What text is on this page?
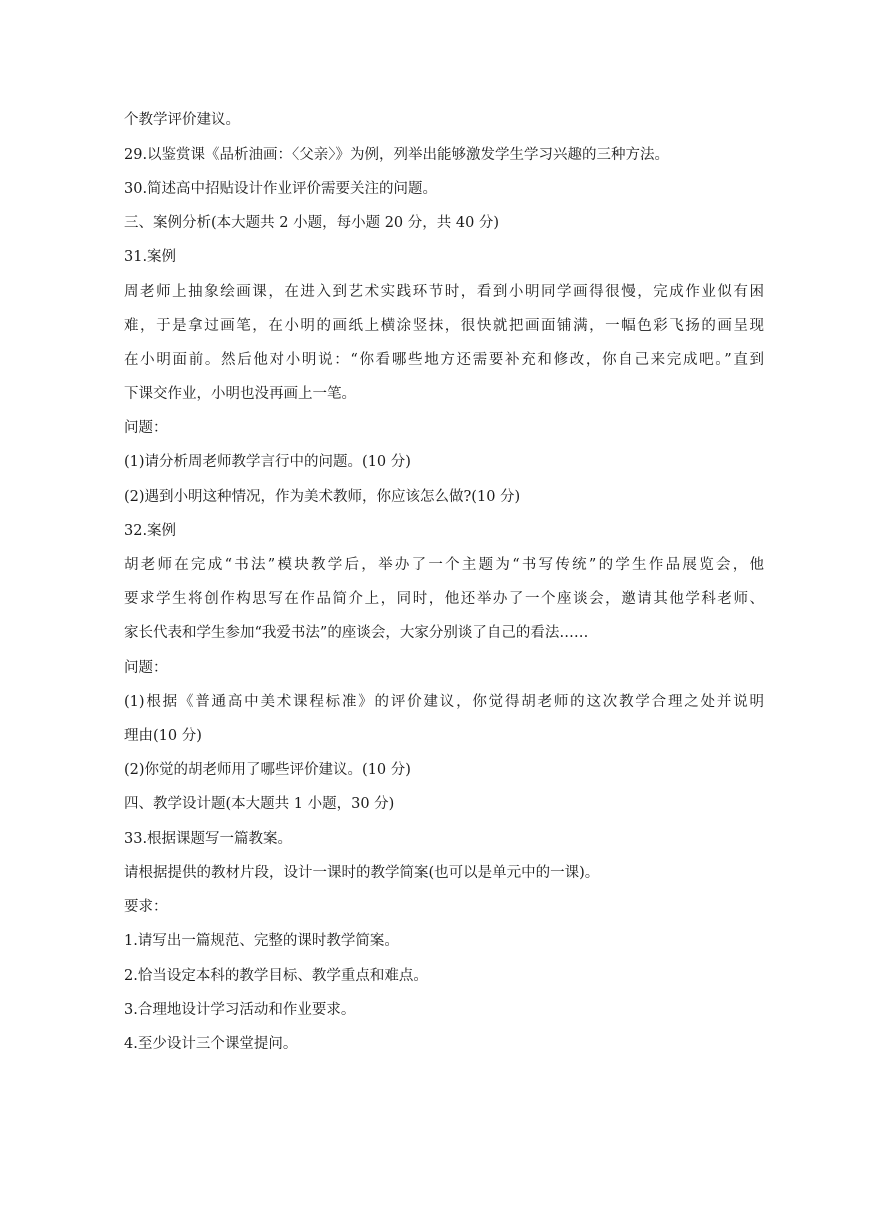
个教学评价建议。
29.以鉴赏课《品析油画：〈父亲〉》为例，列举出能够激发学生学习兴趣的三种方法。
30.简述高中招贴设计作业评价需要关注的问题。
三、案例分析(本大题共 2 小题，每小题 20 分，共 40 分)
31.案例
周老师上抽象绘画课，在进入到艺术实践环节时，看到小明同学画得很慢，完成作业似有困
难，于是拿过画笔，在小明的画纸上横涂竖抹，很快就把画面铺满，一幅色彩飞扬的画呈现
在小明面前。然后他对小明说：“你看哪些地方还需要补充和修改，你自己来完成吧。”直到
下课交作业，小明也没再画上一笔。
问题：
(1)请分析周老师教学言行中的问题。(10 分)
(2)遇到小明这种情况，作为美术教师，你应该怎么做?(10 分)
32.案例
胡老师在完成“书法”模块教学后，举办了一个主题为“书写传统”的学生作品展览会，他
要求学生将创作构思写在作品简介上，同时，他还举办了一个座谈会，邀请其他学科老师、
家长代表和学生参加“我爱书法”的座谈会，大家分别谈了自己的看法……
问题：
(1)根据《普通高中美术课程标准》的评价建议，你觉得胡老师的这次教学合理之处并说明
理由(10 分)
(2)你觉的胡老师用了哪些评价建议。(10 分)
四、教学设计题(本大题共 1 小题，30 分)
33.根据课题写一篇教案。
请根据提供的教材片段，设计一课时的教学简案(也可以是单元中的一课)。
要求：
1.请写出一篇规范、完整的课时教学简案。
2.恰当设定本科的教学目标、教学重点和难点。
3.合理地设计学习活动和作业要求。
4.至少设计三个课堂提问。
